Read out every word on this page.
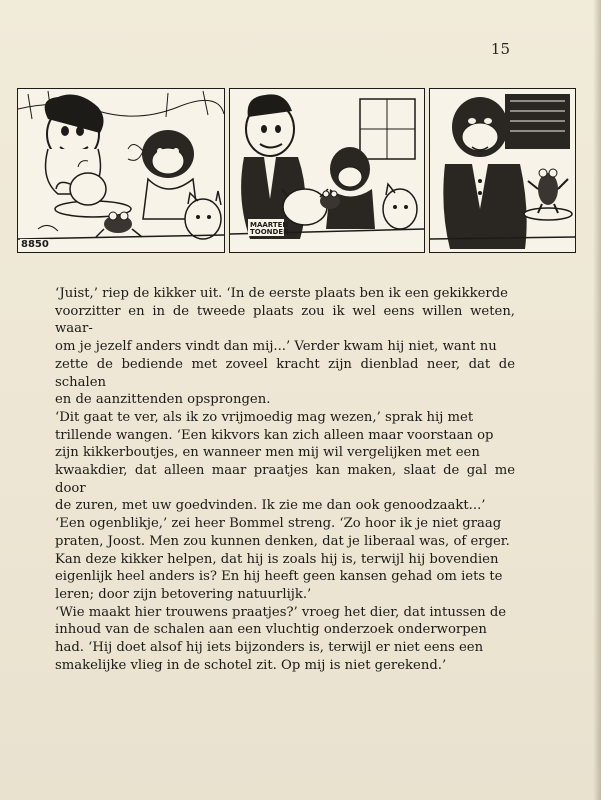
15
8850
MAARTEN
TOONDER

‘Juist,’ riep de kikker uit. ‘In de eerste plaats ben ik een gekikkerde
voorzitter en in de tweede plaats zou ik wel eens willen weten, waar-
om je jezelf anders vindt dan mij...’ Verder kwam hij niet, want nu
zette de bediende met zoveel kracht zijn dienblad neer, dat de schalen
en de aanzittenden opsprongen.

‘Dit gaat te ver, als ik zo vrijmoedig mag wezen,’ sprak hij met
trillende wangen. ‘Een kikvors kan zich alleen maar voorstaan op
zijn kikkerboutjes, en wanneer men mij wil vergelijken met een
kwaakdier, dat alleen maar praatjes kan maken, slaat de gal me door
de zuren, met uw goedvinden. Ik zie me dan ook genoodzaakt...’

‘Een ogenblikje,’ zei heer Bommel streng. ‘Zo hoor ik je niet graag
praten, Joost. Men zou kunnen denken, dat je liberaal was, of erger.
Kan deze kikker helpen, dat hij is zoals hij is, terwijl hij bovendien
eigenlijk heel anders is? En hij heeft geen kansen gehad om iets te
leren; door zijn betovering natuurlijk.’

‘Wie maakt hier trouwens praatjes?’ vroeg het dier, dat intussen de
inhoud van de schalen aan een vluchtig onderzoek onderworpen
had. ‘Hij doet alsof hij iets bijzonders is, terwijl er niet eens een
smakelijke vlieg in de schotel zit. Op mij is niet gerekend.’
